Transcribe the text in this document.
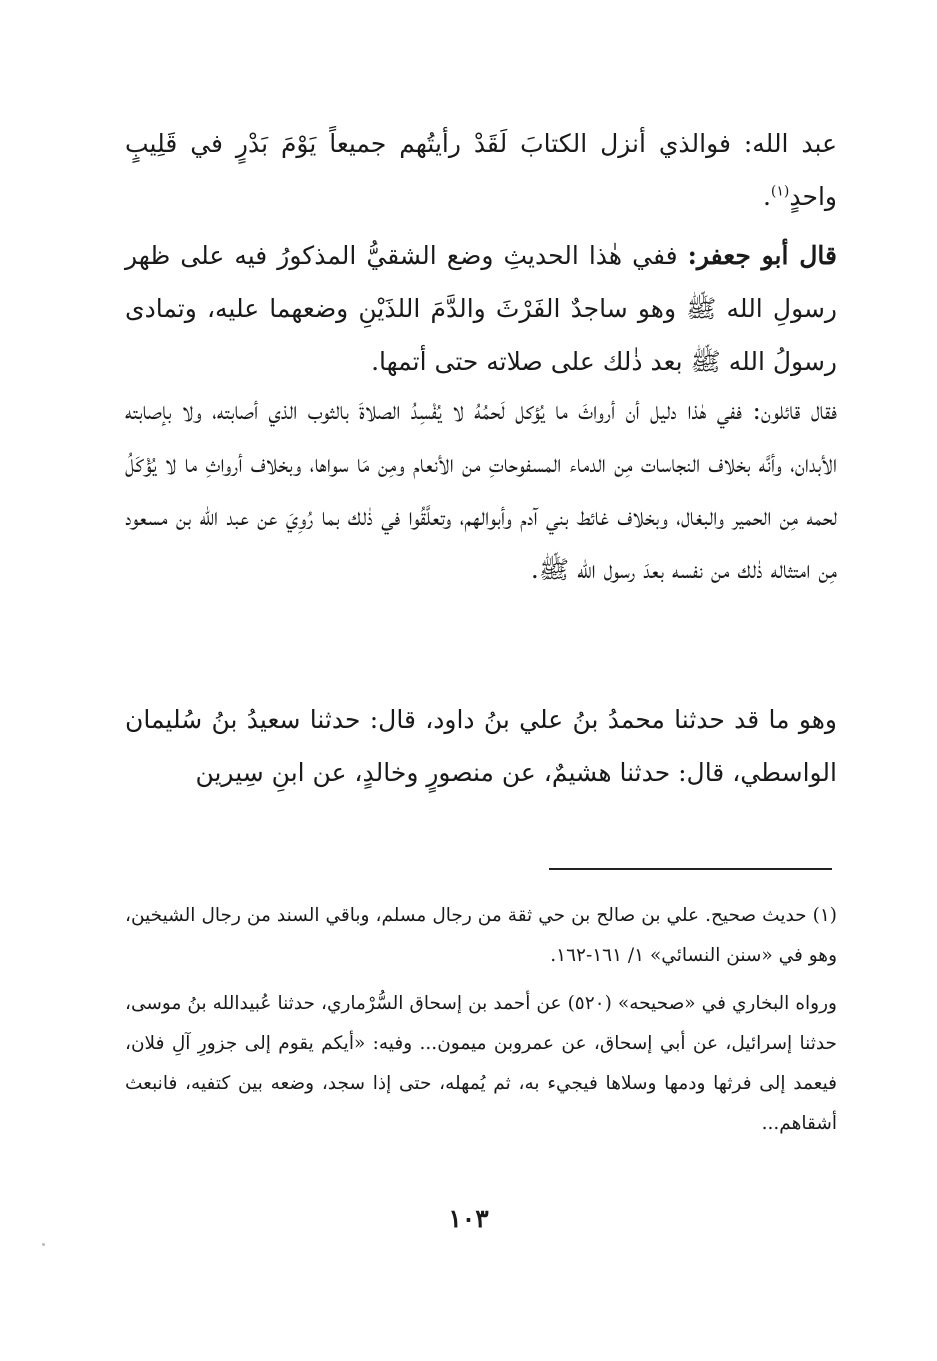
عبد الله: فوالذي أنزل الكتابَ لَقَدْ رأيتُهم جميعاً يَوْمَ بَدْرٍ في قَلِيبٍ واحدٍ$^{(١)}$.

قال أبو جعفر: ففي هٰذا الحديثِ وضع الشقيُّ المذكورُ فيه على ظهر رسولِ الله ﷺ وهو ساجدٌ الفَرْثَ والدَّمَ اللذَيْنِ وضعهما عليه، وتمادى رسولُ الله ﷺ بعد ذٰلك على صلاته حتى أتمها.

فقال قائلون: ففي هٰذا دليل أن أرواثَ ما يُؤكل لَحمُهُ لا يُفْسِدُ الصلاةَ بالثوب الذي أصابته، ولا بإصابته الأبدان، وأنَّه بخلاف النجاسات مِن الدماء المسفوحاتِ من الأنعام ومِن مَا سواها، وبخلاف أرواثِ ما لا يُؤْكَلُ لحمه مِن الحمير والبغال، وبخلاف غائط بني آدم وأبوالهم، وتعلَّقُوا في ذٰلك بما رُوِيَ عن عبد الله بن مسعود مِن امتثاله ذٰلك من نفسه بعدَ رسول الله ﷺ.

وهو ما قد حدثنا محمدُ بنُ علي بنُ داود، قال: حدثنا سعيدُ بنُ سُليمان الواسطي، قال: حدثنا هشيمٌ، عن منصورٍ وخالدٍ، عن ابنِ سِيرين

(١) حديث صحيح. علي بن صالح بن حي ثقة من رجال مسلم، وباقي السند من رجال الشيخين، وهو في «سنن النسائي» ١/ ١٦١-١٦٢.

ورواه البخاري في «صحيحه» (٥٢٠) عن أحمد بن إسحاق السُّرْماري، حدثنا عُبيدالله بنُ موسى، حدثنا إسرائيل، عن أبي إسحاق، عن عمروبن ميمون... وفيه: «أيكم يقوم إلى جزورِ آلِ فلان، فيعمد إلى فرثها ودمها وسلاها فيجيء به، ثم يُمهله، حتى إذا سجد، وضعه بين كتفيه، فانبعث أشقاهم...

١٠٣
